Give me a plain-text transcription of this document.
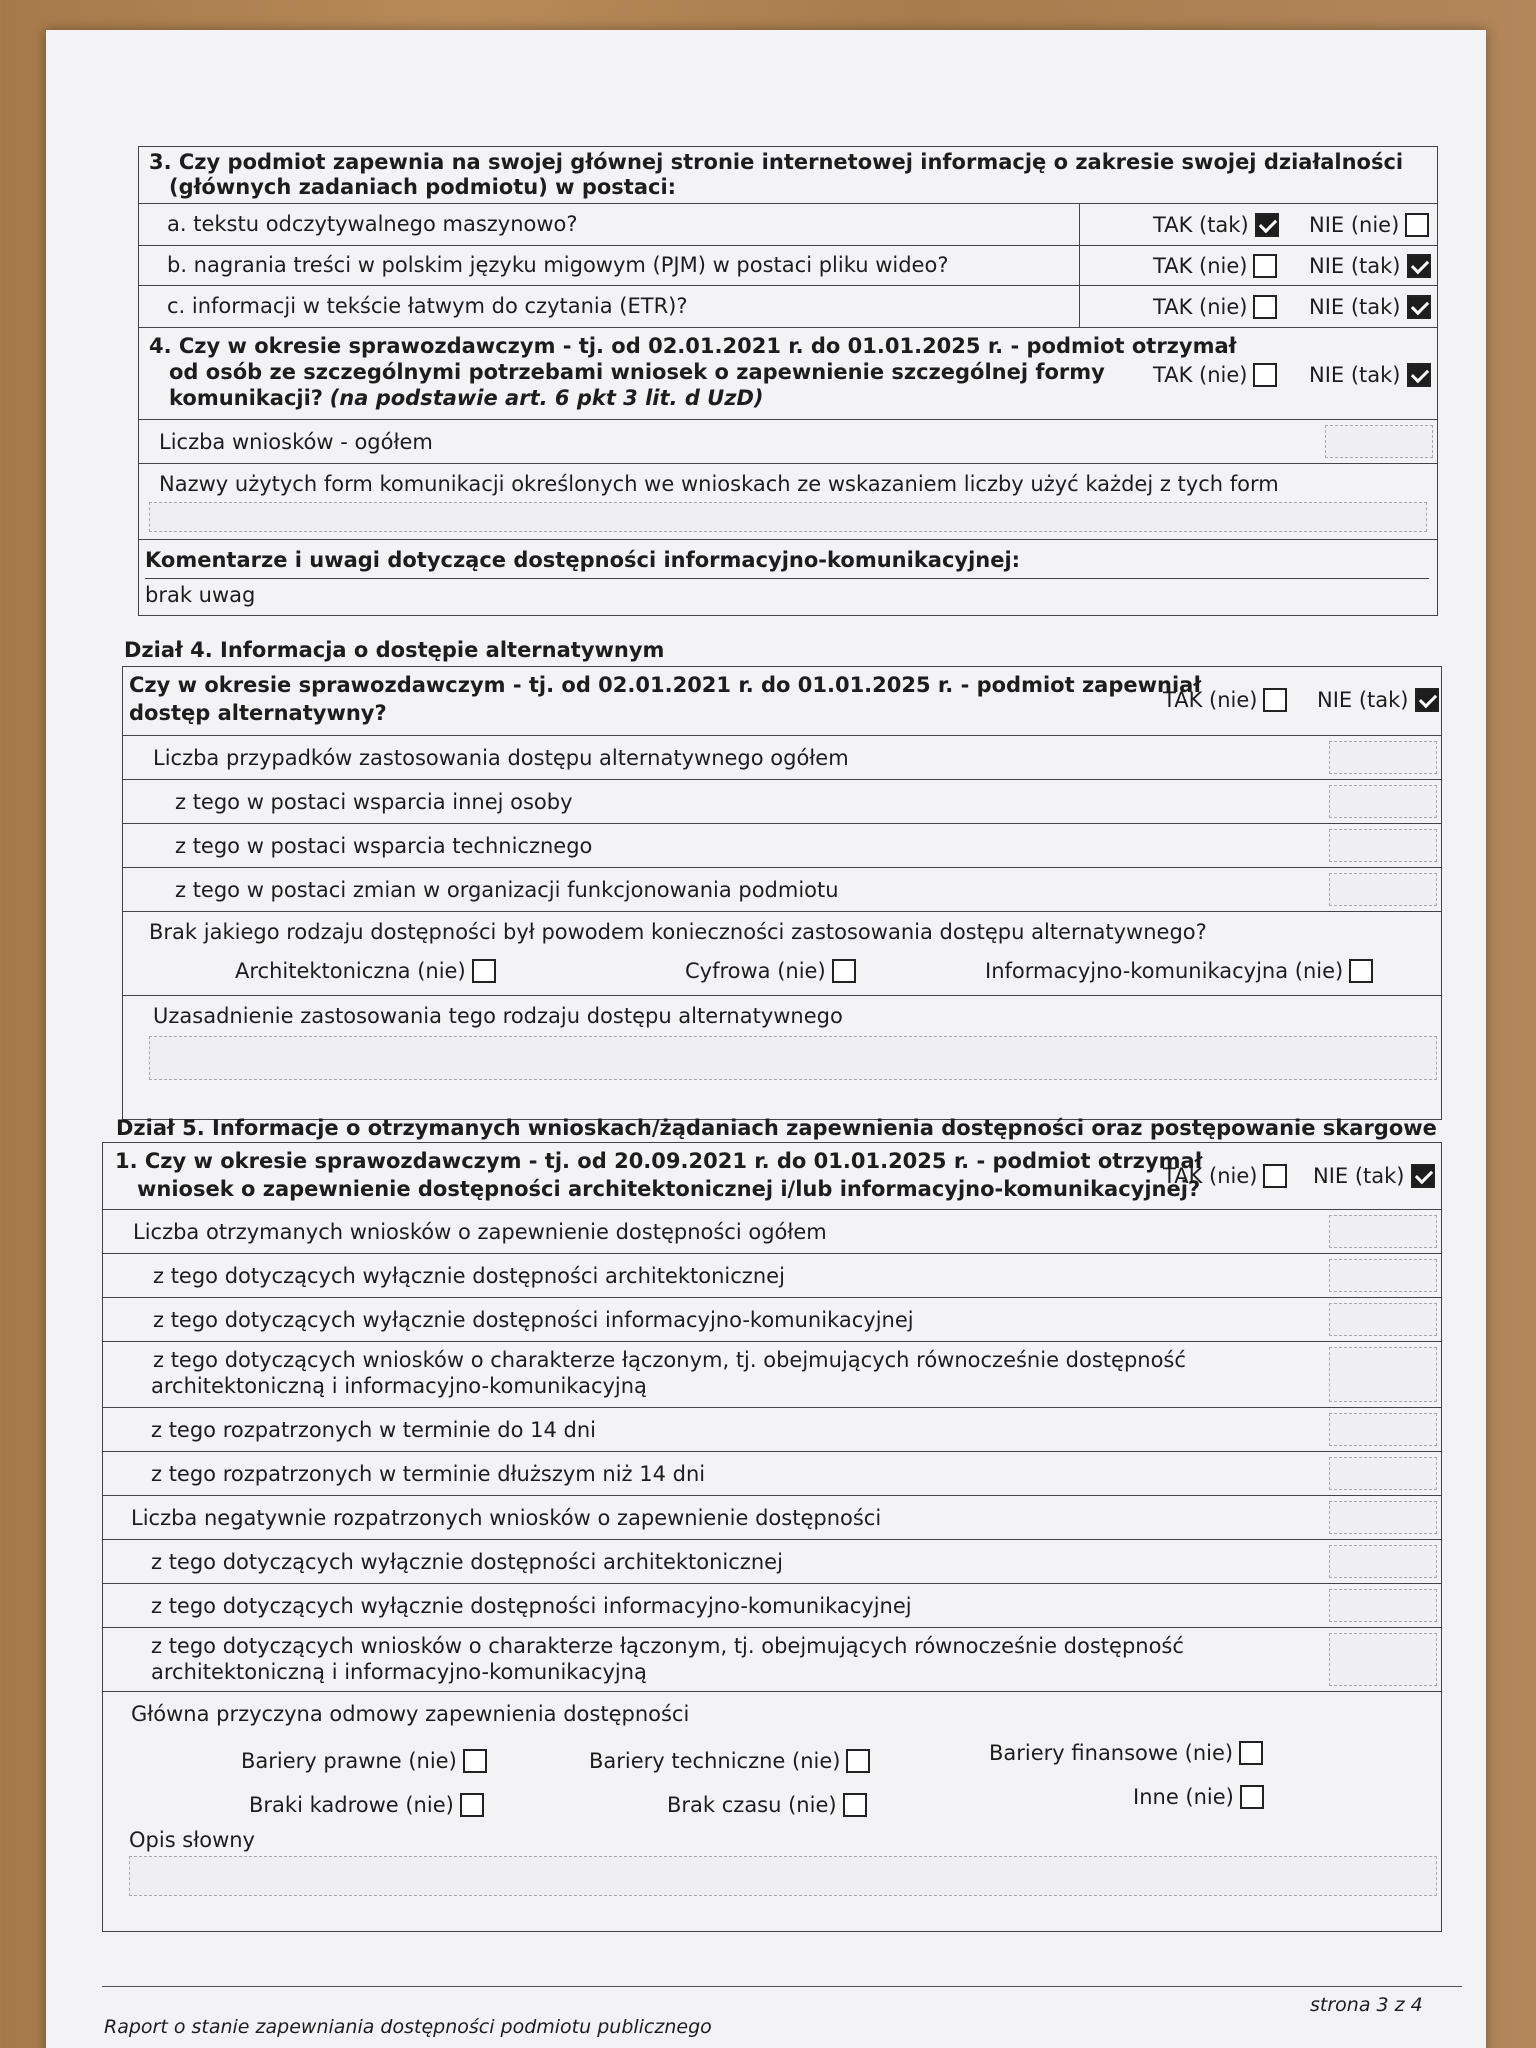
3. Czy podmiot zapewnia na swojej głównej stronie internetowej informację o zakresie swojej działalności
(głównych zadaniach podmiotu) w postaci:
a. tekstu odczytywalnego maszynowo?	TAK (tak)	NIE (nie)
b. nagrania treści w polskim języku migowym (PJM) w postaci pliku wideo?	TAK (nie)	NIE (tak)
c. informacji w tekście łatwym do czytania (ETR)?	TAK (nie)	NIE (tak)
4. Czy w okresie sprawozdawczym - tj. od 02.01.2021 r. do 01.01.2025 r. - podmiot otrzymał
od osób ze szczególnymi potrzebami wniosek o zapewnienie szczególnej formy
komunikacji? (na podstawie art. 6 pkt 3 lit. d UzD)
TAK (nie)	NIE (tak)
Liczba wniosków - ogółem
Nazwy użytych form komunikacji określonych we wnioskach ze wskazaniem liczby użyć każdej z tych form
Komentarze i uwagi dotyczące dostępności informacyjno-komunikacyjnej:
brak uwag
Dział 4. Informacja o dostępie alternatywnym
Czy w okresie sprawozdawczym - tj. od 02.01.2021 r. do 01.01.2025 r. - podmiot zapewniał
dostęp alternatywny?
TAK (nie)	NIE (tak)
Liczba przypadków zastosowania dostępu alternatywnego ogółem
z tego w postaci wsparcia innej osoby
z tego w postaci wsparcia technicznego
z tego w postaci zmian w organizacji funkcjonowania podmiotu
Brak jakiego rodzaju dostępności był powodem konieczności zastosowania dostępu alternatywnego?
Architektoniczna (nie)	Cyfrowa (nie)	Informacyjno-komunikacyjna (nie)
Uzasadnienie zastosowania tego rodzaju dostępu alternatywnego
Dział 5. Informacje o otrzymanych wnioskach/żądaniach zapewnienia dostępności oraz postępowanie skargowe
1. Czy w okresie sprawozdawczym - tj. od 20.09.2021 r. do 01.01.2025 r. - podmiot otrzymał
wniosek o zapewnienie dostępności architektonicznej i/lub informacyjno-komunikacyjnej?
TAK (nie)	NIE (tak)
Liczba otrzymanych wniosków o zapewnienie dostępności ogółem
z tego dotyczących wyłącznie dostępności architektonicznej
z tego dotyczących wyłącznie dostępności informacyjno-komunikacyjnej
z tego dotyczących wniosków o charakterze łączonym, tj. obejmujących równocześnie dostępność
architektoniczną i informacyjno-komunikacyjną
z tego rozpatrzonych w terminie do 14 dni
z tego rozpatrzonych w terminie dłuższym niż 14 dni
Liczba negatywnie rozpatrzonych wniosków o zapewnienie dostępności
z tego dotyczących wyłącznie dostępności architektonicznej
z tego dotyczących wyłącznie dostępności informacyjno-komunikacyjnej
z tego dotyczących wniosków o charakterze łączonym, tj. obejmujących równocześnie dostępność
architektoniczną i informacyjno-komunikacyjną
Główna przyczyna odmowy zapewnienia dostępności
Bariery prawne (nie)	Bariery techniczne (nie)	Bariery finansowe (nie)
Braki kadrowe (nie)	Brak czasu (nie)	Inne (nie)
Opis słowny
Raport o stanie zapewniania dostępności podmiotu publicznego
strona 3 z 4
